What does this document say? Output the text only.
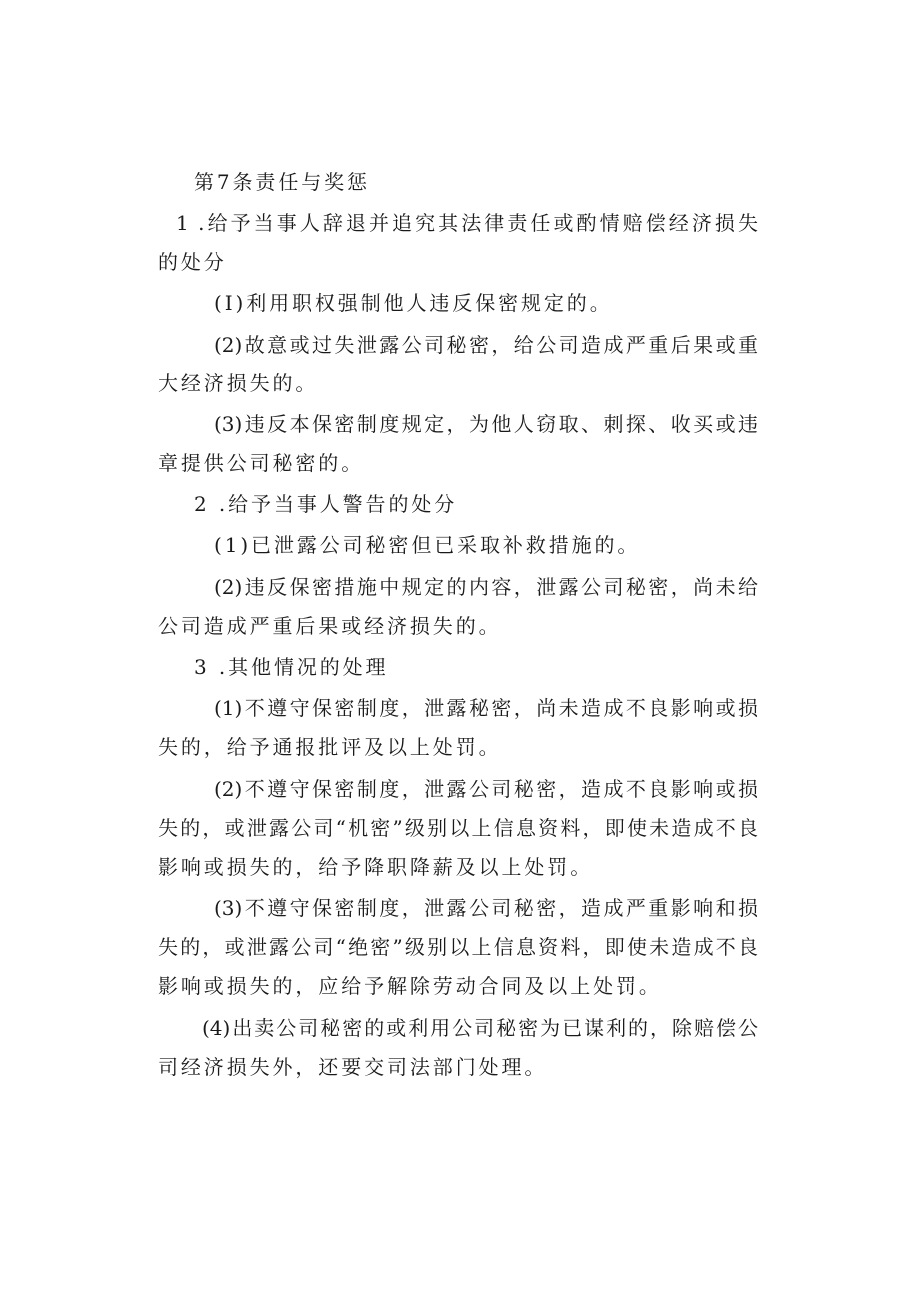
第7条责任与奖惩

1 .给予当事人辞退并追究其法律责任或酌情赔偿经济损失

的处分

(I)利用职权强制他人违反保密规定的。

(2)故意或过失泄露公司秘密，给公司造成严重后果或重

大经济损失的。

(3)违反本保密制度规定，为他人窃取、刺探、收买或违

章提供公司秘密的。

2 .给予当事人警告的处分

(1)已泄露公司秘密但已采取补救措施的。

(2)违反保密措施中规定的内容，泄露公司秘密，尚未给

公司造成严重后果或经济损失的。

3 .其他情况的处理

(1)不遵守保密制度，泄露秘密，尚未造成不良影响或损

失的，给予通报批评及以上处罚。

(2)不遵守保密制度，泄露公司秘密，造成不良影响或损

失的，或泄露公司“机密”级别以上信息资料，即使未造成不良

影响或损失的，给予降职降薪及以上处罚。

(3)不遵守保密制度，泄露公司秘密，造成严重影响和损

失的，或泄露公司“绝密”级别以上信息资料，即使未造成不良

影响或损失的，应给予解除劳动合同及以上处罚。

(4)出卖公司秘密的或利用公司秘密为已谋利的，除赔偿公

司经济损失外，还要交司法部门处理。
